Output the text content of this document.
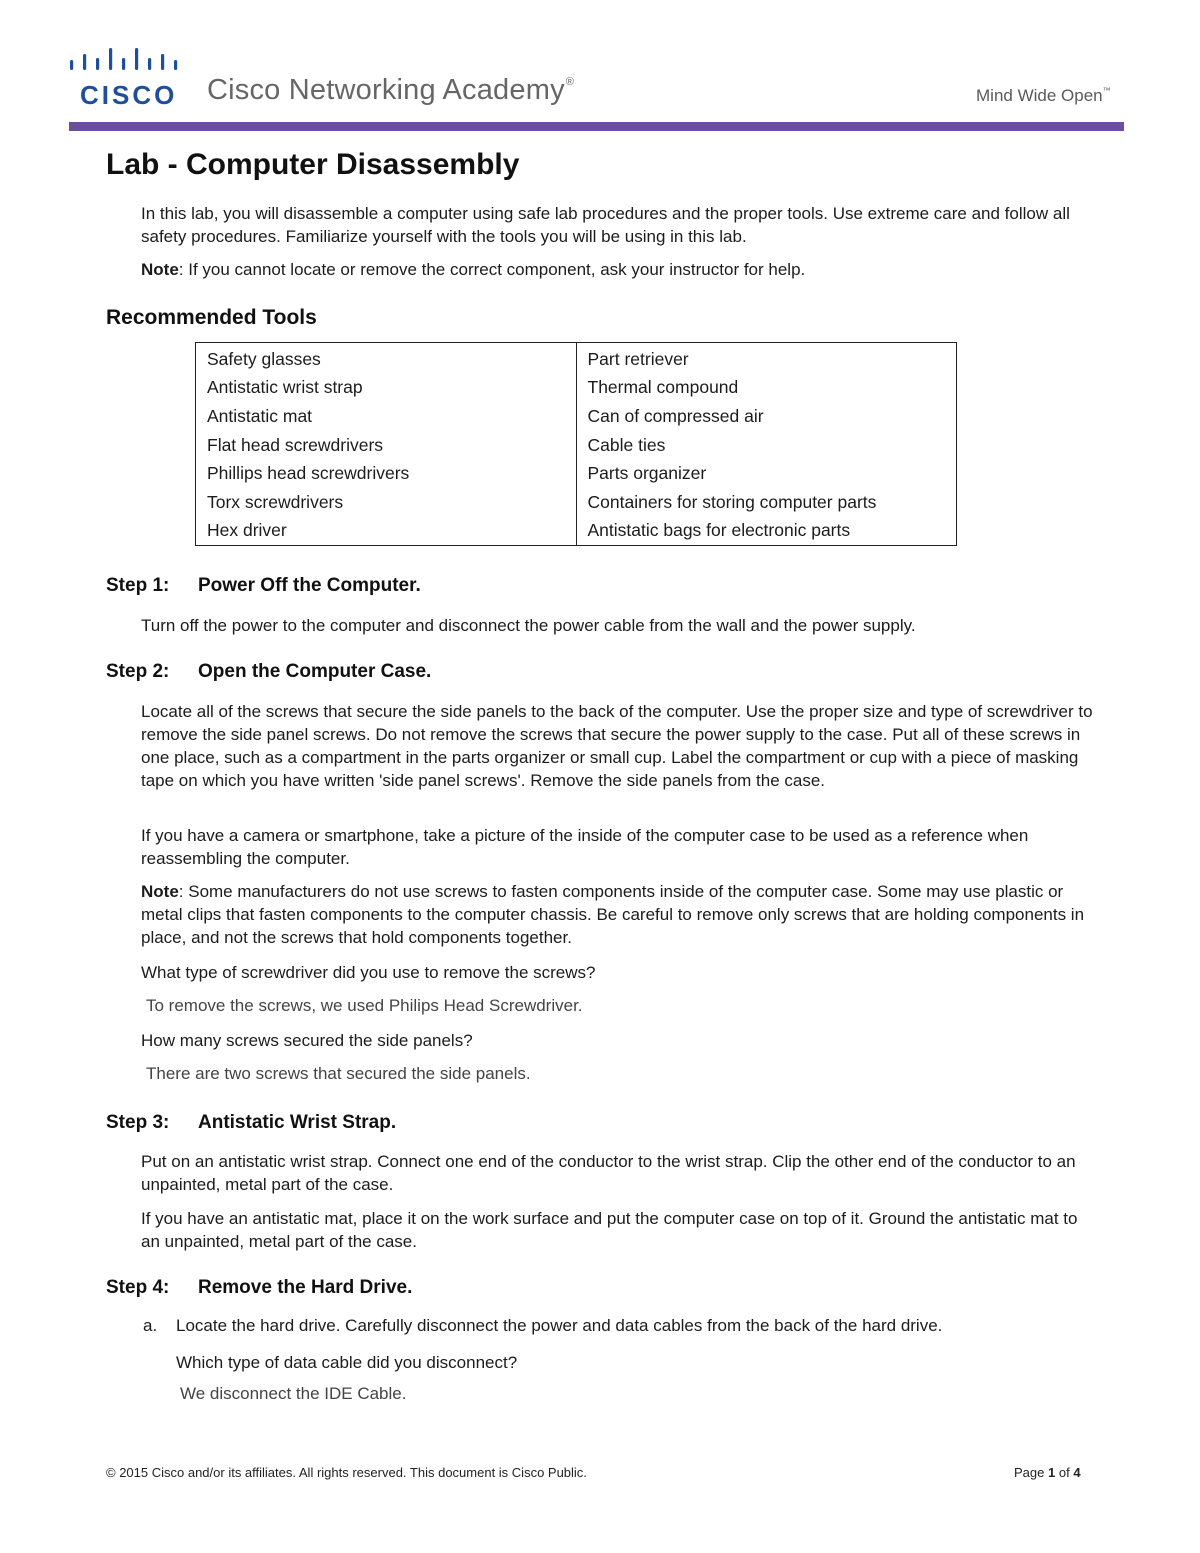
CISCO Cisco Networking Academy®
Mind Wide Open™
Lab - Computer Disassembly

In this lab, you will disassemble a computer using safe lab procedures and the proper tools. Use extreme care and follow all safety procedures. Familiarize yourself with the tools you will be using in this lab.

Note: If you cannot locate or remove the correct component, ask your instructor for help.

Recommended Tools
Safety glasses	Part retriever
Antistatic wrist strap	Thermal compound
Antistatic mat	Can of compressed air
Flat head screwdrivers	Cable ties
Phillips head screwdrivers	Parts organizer
Torx screwdrivers	Containers for storing computer parts
Hex driver	Antistatic bags for electronic parts
Step 1: Power Off the Computer.

Turn off the power to the computer and disconnect the power cable from the wall and the power supply.

Step 2: Open the Computer Case.

Locate all of the screws that secure the side panels to the back of the computer. Use the proper size and type of screwdriver to remove the side panel screws. Do not remove the screws that secure the power supply to the case. Put all of these screws in one place, such as a compartment in the parts organizer or small cup. Label the compartment or cup with a piece of masking tape on which you have written 'side panel screws'. Remove the side panels from the case.

If you have a camera or smartphone, take a picture of the inside of the computer case to be used as a reference when reassembling the computer.

Note: Some manufacturers do not use screws to fasten components inside of the computer case. Some may use plastic or metal clips that fasten components to the computer chassis. Be careful to remove only screws that are holding components in place, and not the screws that hold components together.

What type of screwdriver did you use to remove the screws?

To remove the screws, we used Philips Head Screwdriver.

How many screws secured the side panels?

There are two screws that secured the side panels.

Step 3: Antistatic Wrist Strap.

Put on an antistatic wrist strap. Connect one end of the conductor to the wrist strap. Clip the other end of the conductor to an unpainted, metal part of the case.

If you have an antistatic mat, place it on the work surface and put the computer case on top of it. Ground the antistatic mat to an unpainted, metal part of the case.

Step 4: Remove the Hard Drive.
a. Locate the hard drive. Carefully disconnect the power and data cables from the back of the hard drive.

Which type of data cable did you disconnect?

We disconnect the IDE Cable.

© 2015 Cisco and/or its affiliates. All rights reserved. This document is Cisco Public.	Page 1 of 4
